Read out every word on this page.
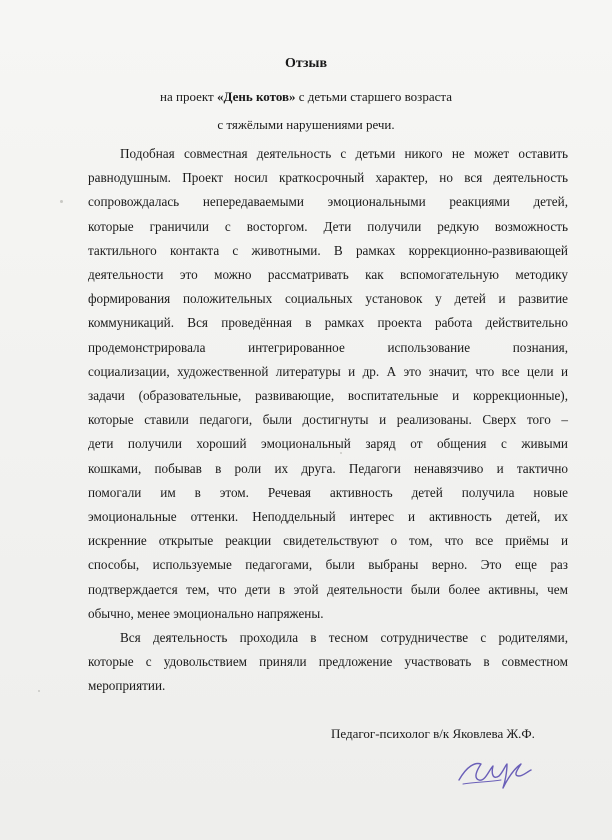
Отзыв
на проект «День котов» с детьми старшего возраста
с тяжёлыми нарушениями речи.
Подобная совместная деятельность с детьми никого не может оставить
равнодушным. Проект носил краткосрочный характер, но вся деятельность
сопровождалась непередаваемыми эмоциональными реакциями детей,
которые граничили с восторгом. Дети получили редкую возможность
тактильного контакта с животными. В рамках коррекционно-развивающей
деятельности это можно рассматривать как вспомогательную методику
формирования положительных социальных установок у детей и развитие
коммуникаций. Вся проведённая в рамках проекта работа действительно
продемонстрировала интегрированное использование познания,
социализации, художественной литературы и др. А это значит, что все цели и
задачи (образовательные, развивающие, воспитательные и коррекционные),
которые ставили педагоги, были достигнуты и реализованы. Сверх того –
дети получили хороший эмоциональный заряд от общения с живыми
кошками, побывав в роли их друга. Педагоги ненавязчиво и тактично
помогали им в этом. Речевая активность детей получила новые
эмоциональные оттенки. Неподдельный интерес и активность детей, их
искренние открытые реакции свидетельствуют о том, что все приёмы и
способы, используемые педагогами, были выбраны верно. Это еще раз
подтверждается тем, что дети в этой деятельности были более активны, чем
обычно, менее эмоционально напряжены.
Вся деятельность проходила в тесном сотрудничестве с родителями,
которые с удовольствием приняли предложение участвовать в совместном
мероприятии.
Педагог-психолог в/к Яковлева Ж.Ф.
